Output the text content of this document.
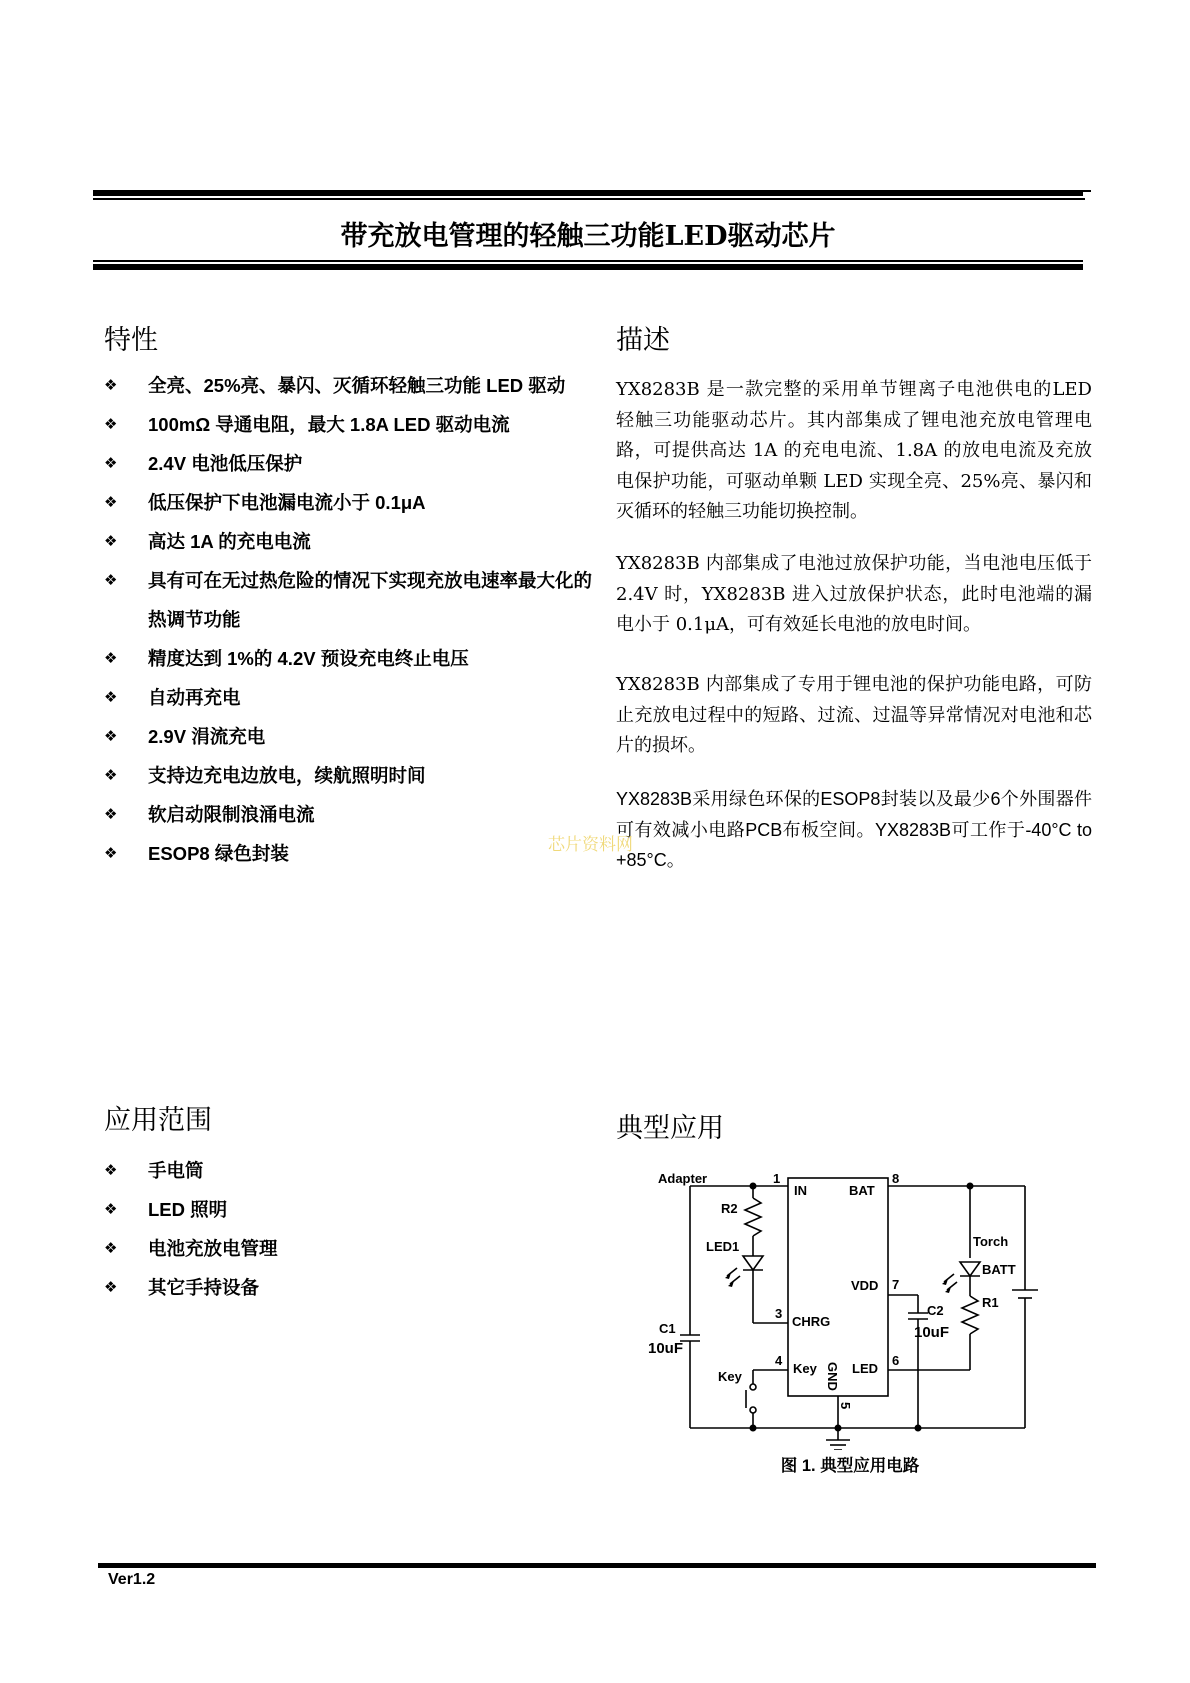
带充放电管理的轻触三功能LED驱动芯片
特性
❖ 全亮、25%亮、暴闪、灭循环轻触三功能 LED 驱动
❖ 100mΩ 导通电阻，最大 1.8A LED 驱动电流
❖ 2.4V 电池低压保护
❖ 低压保护下电池漏电流小于 0.1μA
❖ 高达 1A 的充电电流
❖ 具有可在无过热危险的情况下实现充放电速率最大化的热调节功能
❖ 精度达到 1%的 4.2V 预设充电终止电压
❖ 自动再充电
❖ 2.9V 涓流充电
❖ 支持边充电边放电，续航照明时间
❖ 软启动限制浪涌电流
❖ ESOP8 绿色封装
描述
YX8283B 是一款完整的采用单节锂离子电池供电的LED 轻触三功能驱动芯片。其内部集成了锂电池充放电管理电路，可提供高达 1A 的充电电流、1.8A 的放电电流及充放电保护功能，可驱动单颗 LED 实现全亮、25%亮、暴闪和灭循环的轻触三功能切换控制。
YX8283B 内部集成了电池过放保护功能，当电池电压低于 2.4V 时，YX8283B 进入过放保护状态，此时电池端的漏电小于 0.1μA，可有效延长电池的放电时间。
YX8283B 内部集成了专用于锂电池的保护功能电路，可防止充放电过程中的短路、过流、过温等异常情况对电池和芯片的损坏。
YX8283B采用绿色环保的ESOP8封装以及最少6个外围器件可有效减小电路PCB布板空间。YX8283B可工作于-40°C to +85°C。
芯片资料网
应用范围
❖ 手电筒
❖ LED 照明
❖ 电池充放电管理
❖ 其它手持设备
典型应用
Adapter	1
IN	BAT
8
R2
LED1	Torch
BATT
R1
VDD 7
C2
10uF
3
CHRG
C1
10uF
4
Key	LED
6
Key	GND
5
图 1. 典型应用电路
Ver1.2
